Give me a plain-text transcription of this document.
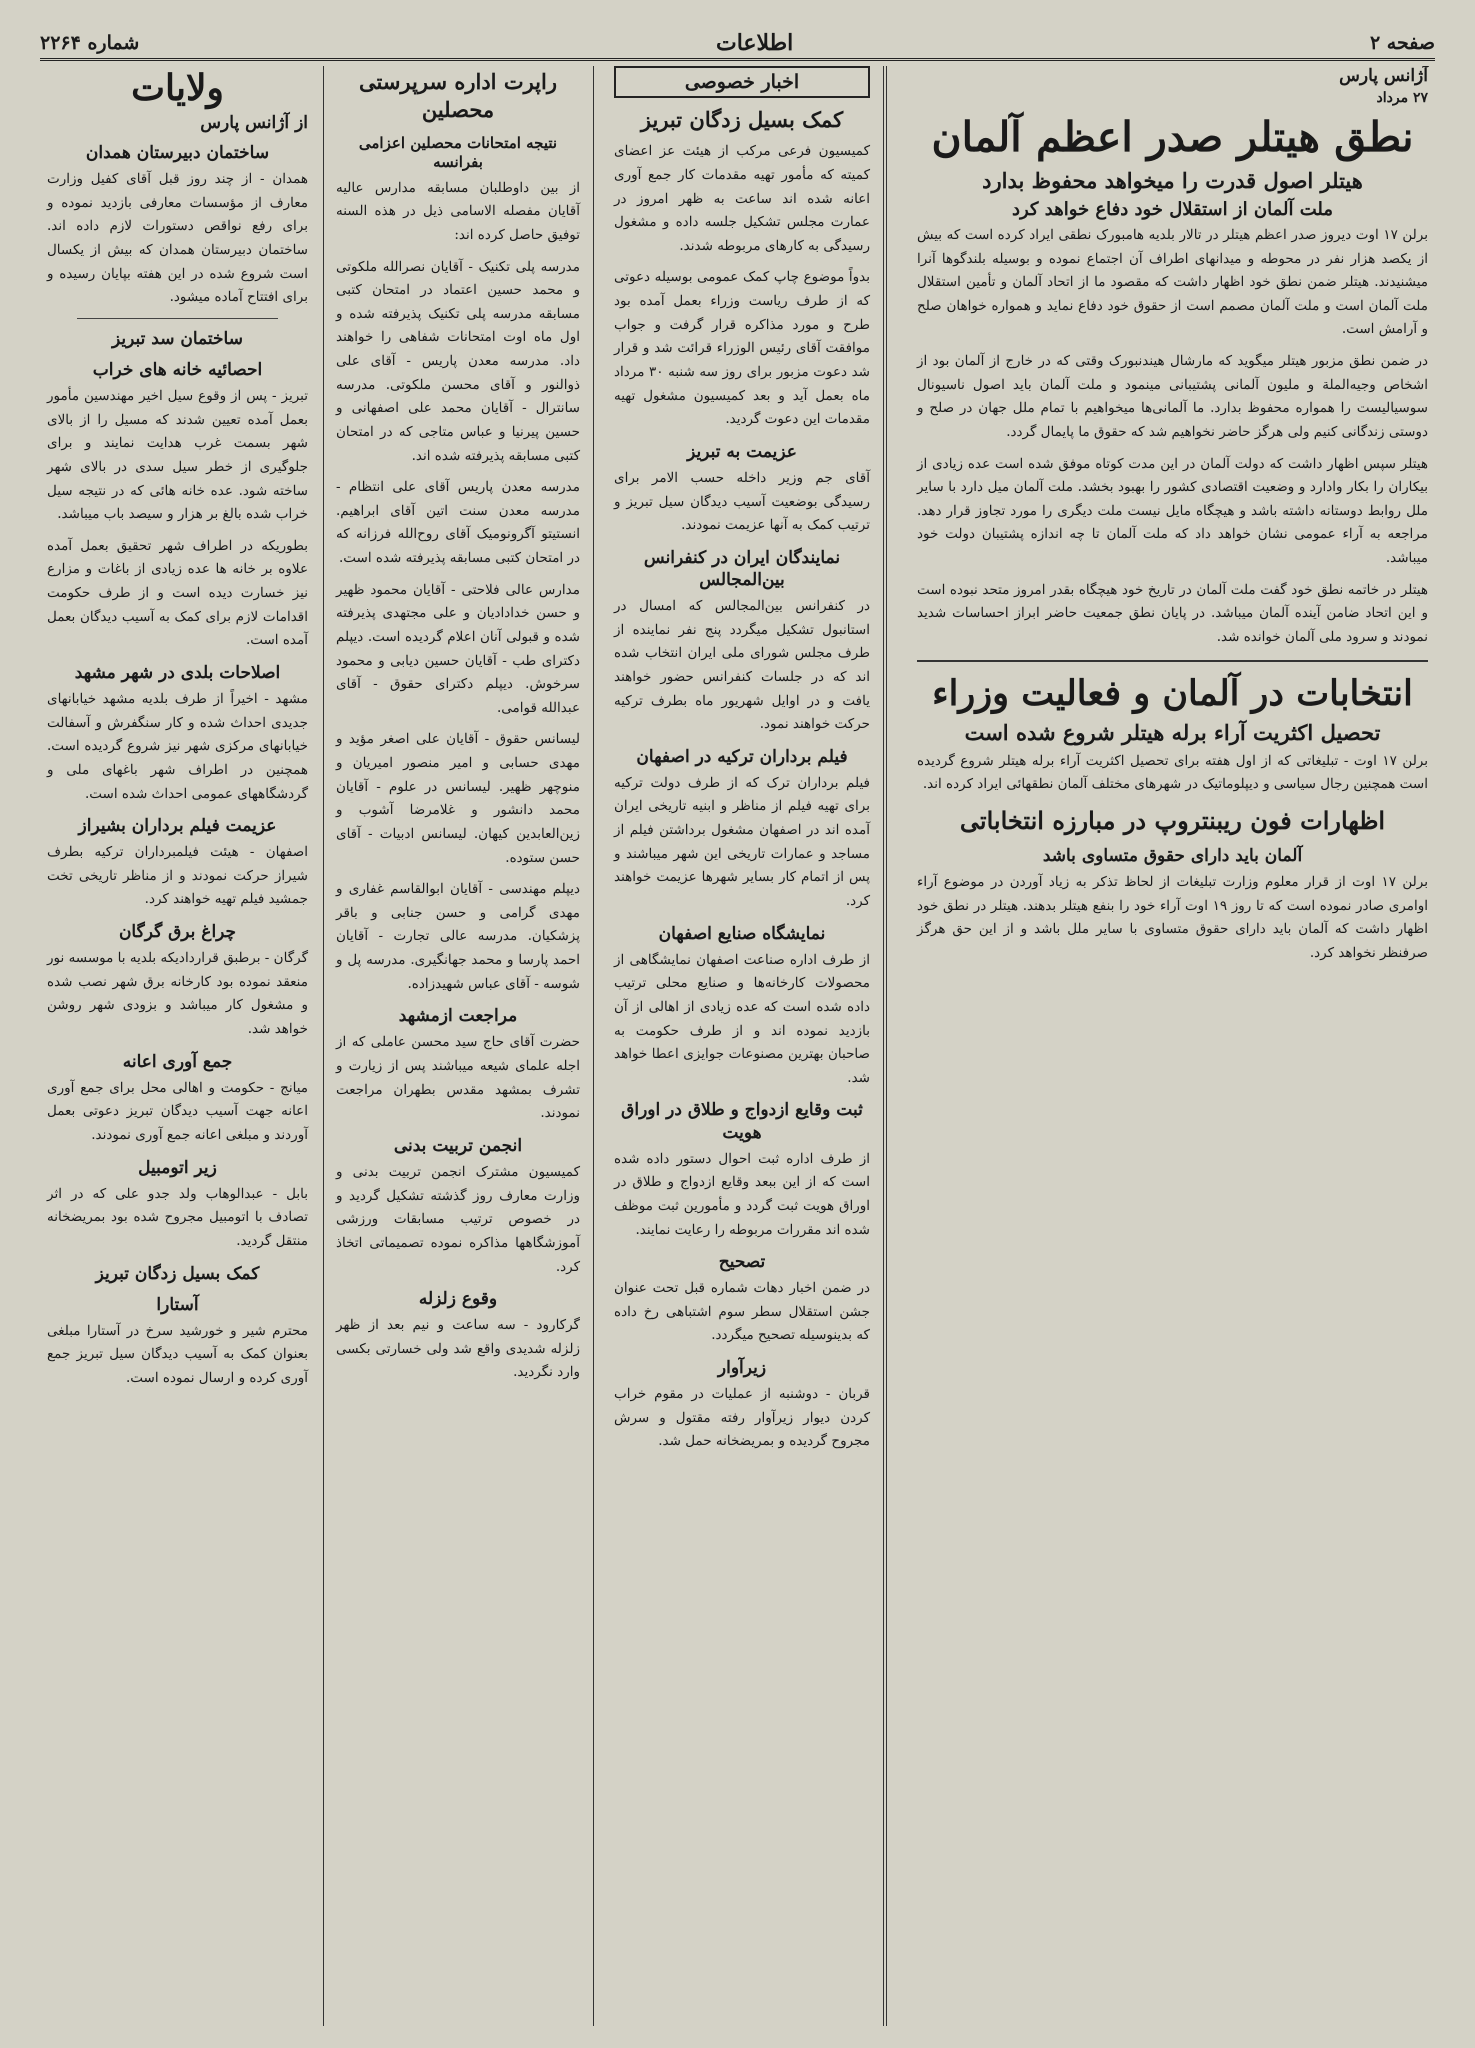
صفحه ۲
اطلاعات
شماره ۲۲۶۴
آژانس پارس
۲۷ مرداد
نطق هیتلر صدر اعظم آلمان
هیتلر اصول قدرت را میخواهد محفوظ بدارد
ملت آلمان از استقلال خود دفاع خواهد کرد

برلن ۱۷ اوت دیروز صدر اعظم هیتلر در تالار بلدیه هامبورک نطقی ایراد کرده است که بیش از یکصد هزار نفر در محوطه و میدانهای اطراف آن اجتماع نموده و بوسیله بلندگوها آنرا میشنیدند. هیتلر ضمن نطق خود اظهار داشت که مقصود ما از اتحاد آلمان و تأمین استقلال ملت آلمان است و ملت آلمان مصمم است از حقوق خود دفاع نماید و همواره خواهان صلح و آرامش است.

در ضمن نطق مزبور هیتلر میگوید که مارشال هیندنبورک وقتی که در خارج از آلمان بود از اشخاص وجیه‌الملة و ملیون آلمانی پشتیبانی مینمود و ملت آلمان باید اصول ناسیونال سوسیالیست را همواره محفوظ بدارد. ما آلمانی‌ها میخواهیم با تمام ملل جهان در صلح و دوستی زندگانی کنیم ولی هرگز حاضر نخواهیم شد که حقوق ما پایمال گردد.

هیتلر سپس اظهار داشت که دولت آلمان در این مدت کوتاه موفق شده است عده زیادی از بیکاران را بکار وادارد و وضعیت اقتصادی کشور را بهبود بخشد. ملت آلمان میل دارد با سایر ملل روابط دوستانه داشته باشد و هیچگاه مایل نیست ملت دیگری را مورد تجاوز قرار دهد. مراجعه به آراء عمومی نشان خواهد داد که ملت آلمان تا چه اندازه پشتیبان دولت خود میباشد.

هیتلر در خاتمه نطق خود گفت ملت آلمان در تاریخ خود هیچگاه بقدر امروز متحد نبوده است و این اتحاد ضامن آینده آلمان میباشد. در پایان نطق جمعیت حاضر ابراز احساسات شدید نمودند و سرود ملی آلمان خوانده شد.

انتخابات در آلمان و فعالیت وزراء
تحصیل اکثریت آراء برله هیتلر شروع شده است

برلن ۱۷ اوت - تبلیغاتی که از اول هفته برای تحصیل اکثریت آراء برله هیتلر شروع گردیده است همچنین رجال سیاسی و دیپلوماتیک در شهرهای مختلف آلمان نطقهائی ایراد کرده اند.

اظهارات فون ریبنتروپ در مبارزه انتخاباتی
آلمان باید دارای حقوق متساوی باشد

برلن ۱۷ اوت از قرار معلوم وزارت تبلیغات از لحاظ تذکر به زیاد آوردن در موضوع آراء اوامری صادر نموده است که تا روز ۱۹ اوت آراء خود را بنفع هیتلر بدهند. هیتلر در نطق خود اظهار داشت که آلمان باید دارای حقوق متساوی با سایر ملل باشد و از این حق هرگز صرفنظر نخواهد کرد.

اخبار خصوصی
کمک بسیل زدگان تبریز

کمیسیون فرعی مرکب از هیئت عز اعضای کمیته که مأمور تهیه مقدمات کار جمع آوری اعانه شده اند ساعت به ظهر امروز در عمارت مجلس تشکیل جلسه داده و مشغول رسیدگی به کارهای مربوطه شدند.

بدواً موضوع چاپ کمک عمومی بوسیله دعوتی که از طرف ریاست وزراء بعمل آمده بود طرح و مورد مذاکره قرار گرفت و جواب موافقت آقای رئیس الوزراء قرائت شد و قرار شد دعوت مزبور برای روز سه شنبه ۳۰ مرداد ماه بعمل آید و بعد کمیسیون مشغول تهیه مقدمات این دعوت گردید.

عزیمت به تبریز

آقای جم وزیر داخله حسب الامر برای رسیدگی بوضعیت آسیب دیدگان سیل تبریز و ترتیب کمک به آنها عزیمت نمودند.

نمایندگان ایران در کنفرانس بین‌المجالس

در کنفرانس بین‌المجالس که امسال در استانبول تشکیل میگردد پنج نفر نماینده از طرف مجلس شورای ملی ایران انتخاب شده اند که در جلسات کنفرانس حضور خواهند یافت و در اوایل شهریور ماه بطرف ترکیه حرکت خواهند نمود.

فیلم برداران ترکیه در اصفهان

فیلم برداران ترک که از طرف دولت ترکیه برای تهیه فیلم از مناظر و ابنیه تاریخی ایران آمده اند در اصفهان مشغول برداشتن فیلم از مساجد و عمارات تاریخی این شهر میباشند و پس از اتمام کار بسایر شهرها عزیمت خواهند کرد.

نمایشگاه صنایع اصفهان

از طرف اداره صناعت اصفهان نمایشگاهی از محصولات کارخانه‌ها و صنایع محلی ترتیب داده شده است که عده زیادی از اهالی از آن بازدید نموده اند و از طرف حکومت به صاحبان بهترین مصنوعات جوایزی اعطا خواهد شد.

ثبت وقایع ازدواج و طلاق در اوراق هویت

از طرف اداره ثبت احوال دستور داده شده است که از این ببعد وقایع ازدواج و طلاق در اوراق هویت ثبت گردد و مأمورین ثبت موظف شده اند مقررات مربوطه را رعایت نمایند.

تصحیح

در ضمن اخبار دهات شماره قبل تحت عنوان جشن استقلال سطر سوم اشتباهی رخ داده که بدینوسیله تصحیح میگردد.

زیرآوار

قربان - دوشنبه از عملیات در مقوم خراب کردن دیوار زیرآوار رفته مقتول و سرش مجروح گردیده و بمریضخانه حمل شد.

راپرت اداره سرپرستی محصلین
نتیجه امتحانات محصلین اعزامی بفرانسه

از بین داوطلبان مسابقه مدارس عالیه آقایان مفصله الاسامی ذیل در هذه السنه توفیق حاصل کرده اند:

مدرسه پلی تکنیک - آقایان نصرالله ملکوتی و محمد حسین اعتماد در امتحان کتبی مسابقه مدرسه پلی تکنیک پذیرفته شده و اول ماه اوت امتحانات شفاهی را خواهند داد. مدرسه معدن پاریس - آقای علی ذوالنور و آقای محسن ملکوتی. مدرسه سانترال - آقایان محمد علی اصفهانی و حسین پیرنیا و عباس متاجی که در امتحان کتبی مسابقه پذیرفته شده اند.

مدرسه معدن پاریس آقای علی انتظام - مدرسه معدن سنت اتین آقای ابراهیم. انستیتو آگرونومیک آقای روح‌الله فرزانه که در امتحان کتبی مسابقه پذیرفته شده است.

مدارس عالی فلاحتی - آقایان محمود ظهیر و حسن خدادادیان و علی مجتهدی پذیرفته شده و قبولی آنان اعلام گردیده است. دیپلم دکترای طب - آقایان حسین دیابی و محمود سرخوش. دیپلم دکترای حقوق - آقای عبدالله قوامی.

لیسانس حقوق - آقایان علی اصغر مؤید و مهدی حسابی و امیر منصور امیریان و منوچهر ظهیر. لیسانس در علوم - آقایان محمد دانشور و غلامرضا آشوب و زین‌العابدین کیهان. لیسانس ادبیات - آقای حسن ستوده.

دیپلم مهندسی - آقایان ابوالقاسم غفاری و مهدی گرامی و حسن جنابی و باقر پزشکیان. مدرسه عالی تجارت - آقایان احمد پارسا و محمد جهانگیری. مدرسه پل و شوسه - آقای عباس شهیدزاده.

مراجعت ازمشهد

حضرت آقای حاج سید محسن عاملی که از اجله علمای شیعه میباشند پس از زیارت و تشرف بمشهد مقدس بطهران مراجعت نمودند.

انجمن تربیت بدنی

کمیسیون مشترک انجمن تربیت بدنی و وزارت معارف روز گذشته تشکیل گردید و در خصوص ترتیب مسابقات ورزشی آموزشگاهها مذاکره نموده تصمیماتی اتخاذ کرد.

وقوع زلزله

گرکارود - سه ساعت و نیم بعد از ظهر زلزله شدیدی واقع شد ولی خسارتی بکسی وارد نگردید.

ولایات
از آژانس پارس
ساختمان دبیرستان همدان

همدان - از چند روز قبل آقای کفیل وزارت معارف از مؤسسات معارفی بازدید نموده و برای رفع نواقص دستورات لازم داده اند. ساختمان دبیرستان همدان که بیش از یکسال است شروع شده در این هفته بپایان رسیده و برای افتتاح آماده میشود.

ساختمان سد تبریز
احصائیه خانه های خراب

تبریز - پس از وقوع سیل اخیر مهندسین مأمور بعمل آمده تعیین شدند که مسیل را از بالای شهر بسمت غرب هدایت نمایند و برای جلوگیری از خطر سیل سدی در بالای شهر ساخته شود. عده خانه هائی که در نتیجه سیل خراب شده بالغ بر هزار و سیصد باب میباشد.

بطوریکه در اطراف شهر تحقیق بعمل آمده علاوه بر خانه ها عده زیادی از باغات و مزارع نیز خسارت دیده است و از طرف حکومت اقدامات لازم برای کمک به آسیب دیدگان بعمل آمده است.

اصلاحات بلدی در شهر مشهد

مشهد - اخیراً از طرف بلدیه مشهد خیابانهای جدیدی احداث شده و کار سنگفرش و آسفالت خیابانهای مرکزی شهر نیز شروع گردیده است. همچنین در اطراف شهر باغهای ملی و گردشگاههای عمومی احداث شده است.

عزیمت فیلم برداران بشیراز

اصفهان - هیئت فیلمبرداران ترکیه بطرف شیراز حرکت نمودند و از مناظر تاریخی تخت جمشید فیلم تهیه خواهند کرد.

چراغ برق گرگان

گرگان - برطبق قراردادیکه بلدیه با موسسه نور منعقد نموده بود کارخانه برق شهر نصب شده و مشغول کار میباشد و بزودی شهر روشن خواهد شد.

جمع آوری اعانه

میانج - حکومت و اهالی محل برای جمع آوری اعانه جهت آسیب دیدگان تبریز دعوتی بعمل آوردند و مبلغی اعانه جمع آوری نمودند.

زیر اتومبیل

بابل - عبدالوهاب ولد جدو علی که در اثر تصادف با اتومبیل مجروح شده بود بمریضخانه منتقل گردید.

کمک بسیل زدگان تبریز
آستارا

محترم شیر و خورشید سرخ در آستارا مبلغی بعنوان کمک به آسیب دیدگان سیل تبریز جمع آوری کرده و ارسال نموده است.
